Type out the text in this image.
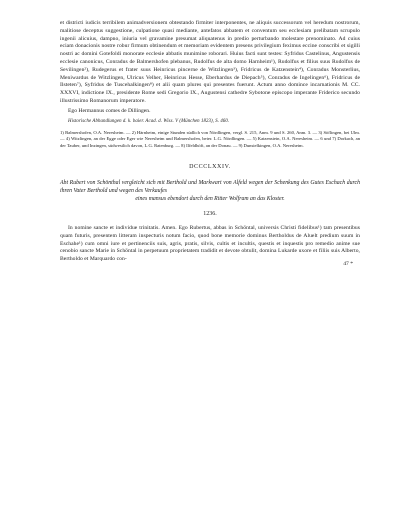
et districti iudicis terribilem animadversionem obtestando firmiter interponentes, ne aliquis successorum vel heredum nostrorum, malitiose deceptus suggestione, culpatione quasi mediante, antefatos abbatem et conventum seu ecclesiam prelibatam scrupulo ingenii alicuius, dampno, iniuria vel gravamine presumat aliquatenus in predio perturbando molestare prenominato. Ad cuius eciam donacionis nostre robur firmum obtinendum et memoriam evidentem presens privilegium feximus eccine conscribi et sigilli nostri ac domini Gotefoldi monorate ecclesie abbatis munimine roborari. Huius facti sunt testes: Syfridus Castelinus, Angustensis ecclesie canonicus, Conradus de Balmershofen plebanus, Rudolfus de alta domo Harnheim¹), Rudolfus et filius suus Rudolfus de Sevilingen²), Rudegerus et frater suus Heinricus pincerne de Witzlingen³), Fridricus de Katzenstein⁴), Conradus Monsterlius, Meniwardus de Witzlingen, Ulricus Velher, Heinricus Hesse, Eberhardus de Diepach⁵), Conradus de Ingelingen⁶), Fridricus de Ilsteten⁷), Syfridus de Tuscehalkingen⁸) et alii quam plures qui presentes fuerunt. Actum anno domince incarnationis M. CC. XXXVI, indictione IX., presidente Rome sedi Gregorio IX., Augustensi cathedre Sybotone episcopo imperante Friderico secundo illustrissimo Romanorum imperatore.

Ego Hermannus comes de Dillingen.
Historische Abhandlungen d. k. baier. Acad. d. Wiss. V (München 1823), S. 460.
1) Balmershofen, O.A. Neresheim. — 2) Härnheim, einige Stunden südlich von Nördlingen, vergl. S. 215, Anm. 9 und S. 260, Anm. 3. — 3) Söflingen, bei Ulm. — 4) Witzlingen, an der Egge oder Eger wie Neresheim und Balmershofen, beier. L.G. Nördlingen. — 5) Katzenstein, O.A. Neresheim. — 6 und 7) Dorkach, an der Tauber, und Inzingen, südwestlich davon, L.G. Ratenburg. — 8) Ilfeldhöft, an der Donau. — 9) Dunsielkingen, O.A. Neresheim.
DCCCLXXIV.
Abt Rubert von Schönthal vergleicht sich mit Berthold und Markwart von Alfeld wegen der Schenkung des Gutes Eschach durch ihren Vater Berthold und wegen des Verkaufes
eines mansus ebendort durch den Ritter Wolfram an das Kloster.
1236.

In nomine sancte et individue trinitatis. Amen. Ego Rubertus, abbas in Schöntal, universis Christi fidelibus¹) tam presentibus quam futuris, presentem litteram inspecturis notum facio, quod bone memorie dominus Bertholdus de Aluelt predium suum in Eschahe¹) cum omni iure et pertinenciis suis, agris, pratis, silvis, cultis et incultis, questis et inquestis pro remedio anime sue cenobio sancte Marie in Schöntal in perpetuum proprietatem tradidit et devote obtulit, domina Lukarde uxore et filiis suis Alberto, Bertholdo et Marquardo con-

47 *
